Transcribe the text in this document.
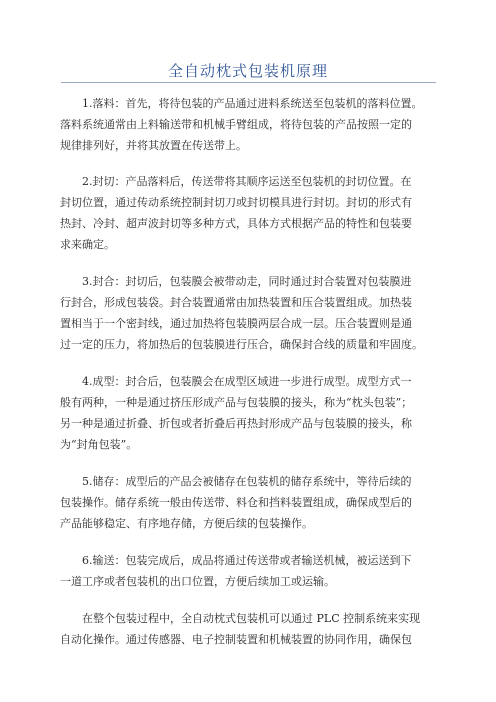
全自动枕式包装机原理
1.落料：首先，将待包装的产品通过进料系统送至包装机的落料位置。
落料系统通常由上料输送带和机械手臂组成，将待包装的产品按照一定的
规律排列好，并将其放置在传送带上。
2.封切：产品落料后，传送带将其顺序运送至包装机的封切位置。在
封切位置，通过传动系统控制封切刀或封切模具进行封切。封切的形式有
热封、冷封、超声波封切等多种方式，具体方式根据产品的特性和包装要
求来确定。
3.封合：封切后，包装膜会被带动走，同时通过封合装置对包装膜进
行封合，形成包装袋。封合装置通常由加热装置和压合装置组成。加热装
置相当于一个密封线，通过加热将包装膜两层合成一层。压合装置则是通
过一定的压力，将加热后的包装膜进行压合，确保封合线的质量和牢固度。
4.成型：封合后，包装膜会在成型区域进一步进行成型。成型方式一
般有两种，一种是通过挤压形成产品与包装膜的接头，称为“枕头包装”；
另一种是通过折叠、折包或者折叠后再热封形成产品与包装膜的接头，称
为“封角包装”。
5.储存：成型后的产品会被储存在包装机的储存系统中，等待后续的
包装操作。储存系统一般由传送带、料仓和挡料装置组成，确保成型后的
产品能够稳定、有序地存储，方便后续的包装操作。
6.输送：包装完成后，成品将通过传送带或者输送机械，被运送到下
一道工序或者包装机的出口位置，方便后续加工或运输。
在整个包装过程中，全自动枕式包装机可以通过 PLC 控制系统来实现
自动化操作。通过传感器、电子控制装置和机械装置的协同作用，确保包
